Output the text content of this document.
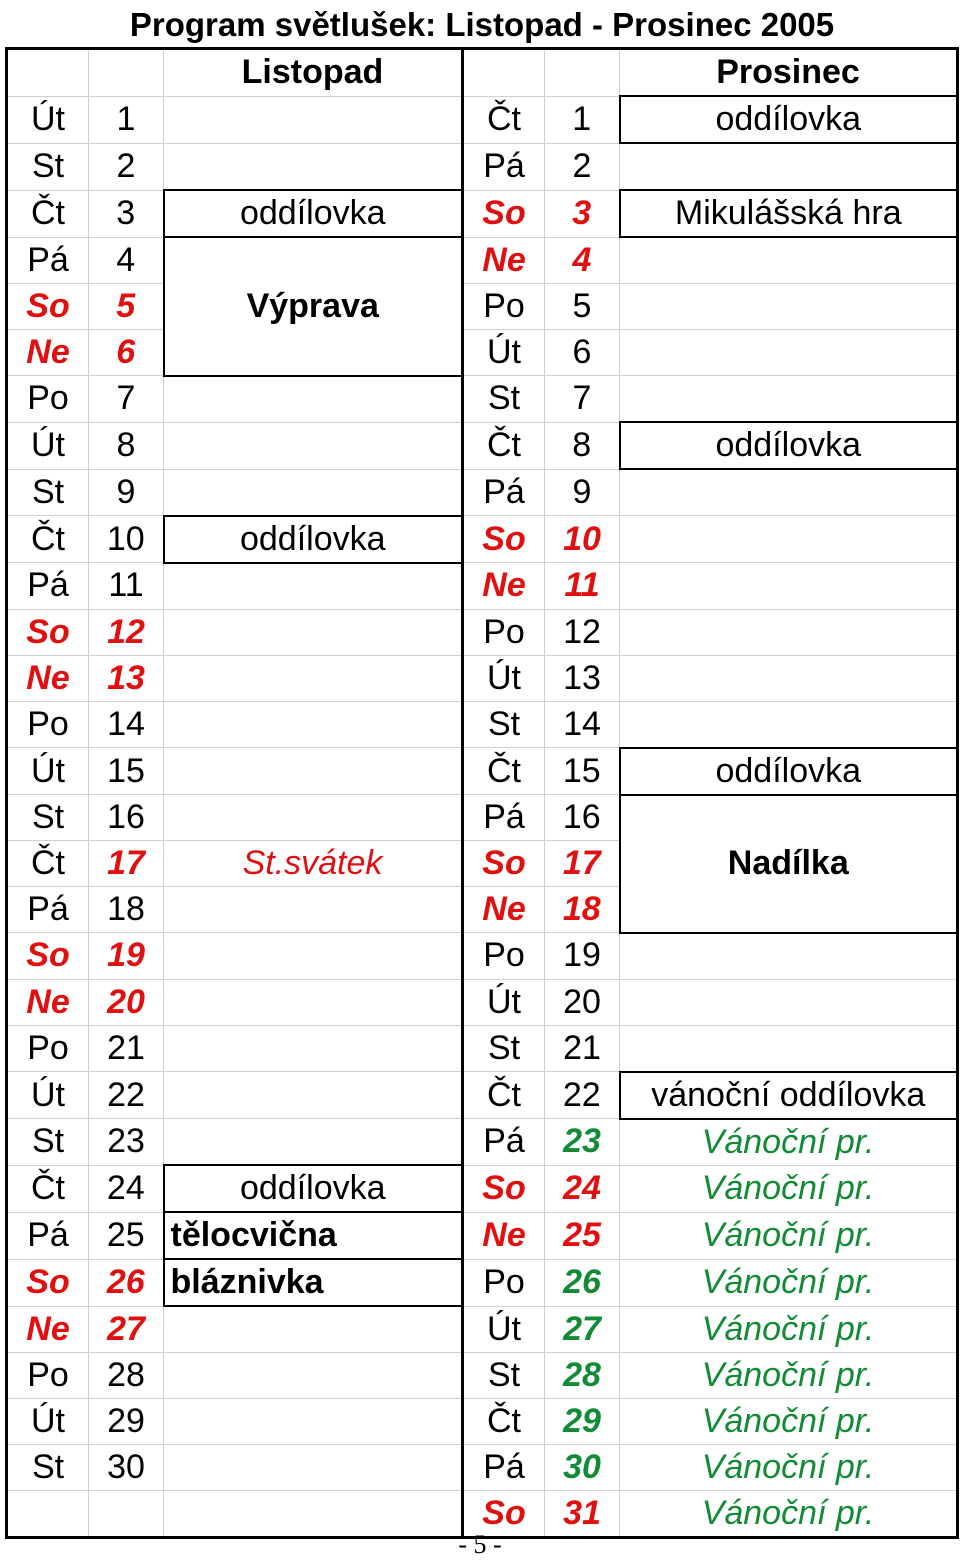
Program světlušek: Listopad - Prosinec 2005					
		Listopad			Prosinec
Út	1		Čt	1	oddílovka
St	2		Pá	2	
Čt	3	oddílovka	So	3	Mikulášská hra
Pá	4	Výprava	Ne	4	
So	5		Po	5	
Ne	6		Út	6	
Po	7		St	7	
Út	8		Čt	8	oddílovka
St	9		Pá	9	
Čt	10	oddílovka	So	10	
Pá	11		Ne	11	
So	12		Po	12	
Ne	13		Út	13	
Po	14		St	14	
Út	15		Čt	15	oddílovka
St	16		Pá	16	Nadílka
Čt	17	St.svátek	So	17	
Pá	18		Ne	18	
So	19		Po	19	
Ne	20		Út	20	
Po	21		St	21	
Út	22		Čt	22	vánoční oddílovka
St	23		Pá	23	Vánoční pr.
Čt	24	oddílovka	So	24	Vánoční pr.
Pá	25	tělocvična	Ne	25	Vánoční pr.
So	26	bláznivka	Po	26	Vánoční pr.
Ne	27		Út	27	Vánoční pr.
Po	28		St	28	Vánoční pr.
Út	29		Čt	29	Vánoční pr.
St	30		Pá	30	Vánoční pr.
			So	31	Vánoční pr.
- 5 -
